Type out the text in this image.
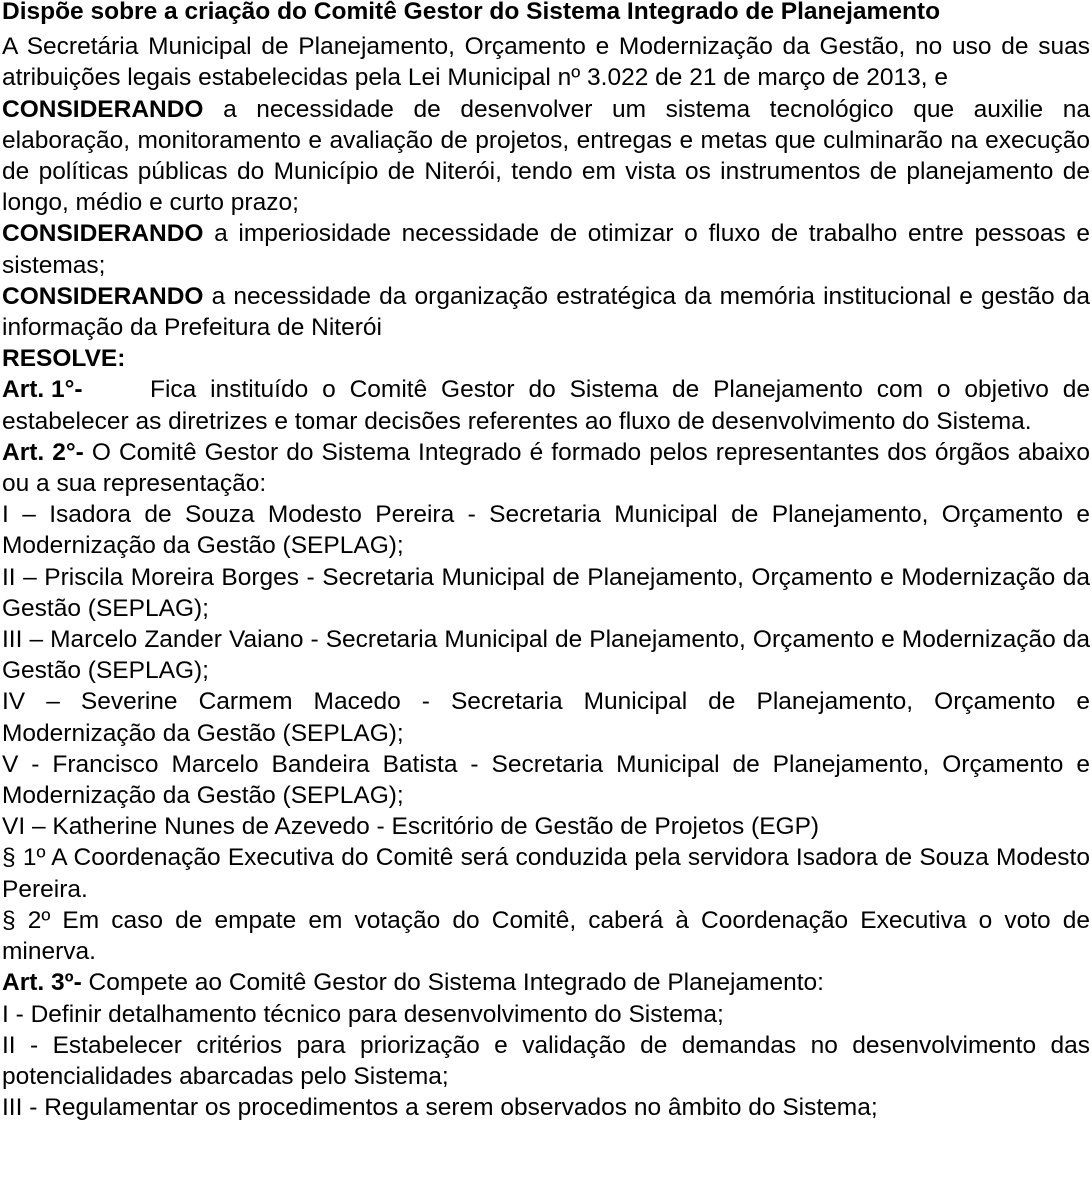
Dispõe sobre a criação do Comitê Gestor do Sistema Integrado de Planejamento

A Secretária Municipal de Planejamento, Orçamento e Modernização da Gestão, no uso de suas atribuições legais estabelecidas pela Lei Municipal nº 3.022 de 21 de março de 2013, e

CONSIDERANDO a necessidade de desenvolver um sistema tecnológico que auxilie na elaboração, monitoramento e avaliação de projetos, entregas e metas que culminarão na execução de políticas públicas do Município de Niterói, tendo em vista os instrumentos de planejamento de longo, médio e curto prazo;

CONSIDERANDO a imperiosidade necessidade de otimizar o fluxo de trabalho entre pessoas e sistemas;

CONSIDERANDO a necessidade da organização estratégica da memória institucional e gestão da informação da Prefeitura de Niterói

RESOLVE:

Art. 1°-	Fica instituído o Comitê Gestor do Sistema de Planejamento com o objetivo de estabelecer as diretrizes e tomar decisões referentes ao fluxo de desenvolvimento do Sistema.

Art. 2°- O Comitê Gestor do Sistema Integrado é formado pelos representantes dos órgãos abaixo ou a sua representação:

I – Isadora de Souza Modesto Pereira - Secretaria Municipal de Planejamento, Orçamento e Modernização da Gestão (SEPLAG);

II – Priscila Moreira Borges - Secretaria Municipal de Planejamento, Orçamento e Modernização da Gestão (SEPLAG);

III – Marcelo Zander Vaiano - Secretaria Municipal de Planejamento, Orçamento e Modernização da Gestão (SEPLAG);

IV – Severine Carmem Macedo - Secretaria Municipal de Planejamento, Orçamento e Modernização da Gestão (SEPLAG);

V - Francisco Marcelo Bandeira Batista - Secretaria Municipal de Planejamento, Orçamento e Modernização da Gestão (SEPLAG);

VI – Katherine Nunes de Azevedo - Escritório de Gestão de Projetos (EGP)

§ 1º A Coordenação Executiva do Comitê será conduzida pela servidora Isadora de Souza Modesto Pereira.

§ 2º Em caso de empate em votação do Comitê, caberá à Coordenação Executiva o voto de minerva.

Art. 3º- Compete ao Comitê Gestor do Sistema Integrado de Planejamento:

I - Definir detalhamento técnico para desenvolvimento do Sistema;

II - Estabelecer critérios para priorização e validação de demandas no desenvolvimento das potencialidades abarcadas pelo Sistema;

III - Regulamentar os procedimentos a serem observados no âmbito do Sistema;
